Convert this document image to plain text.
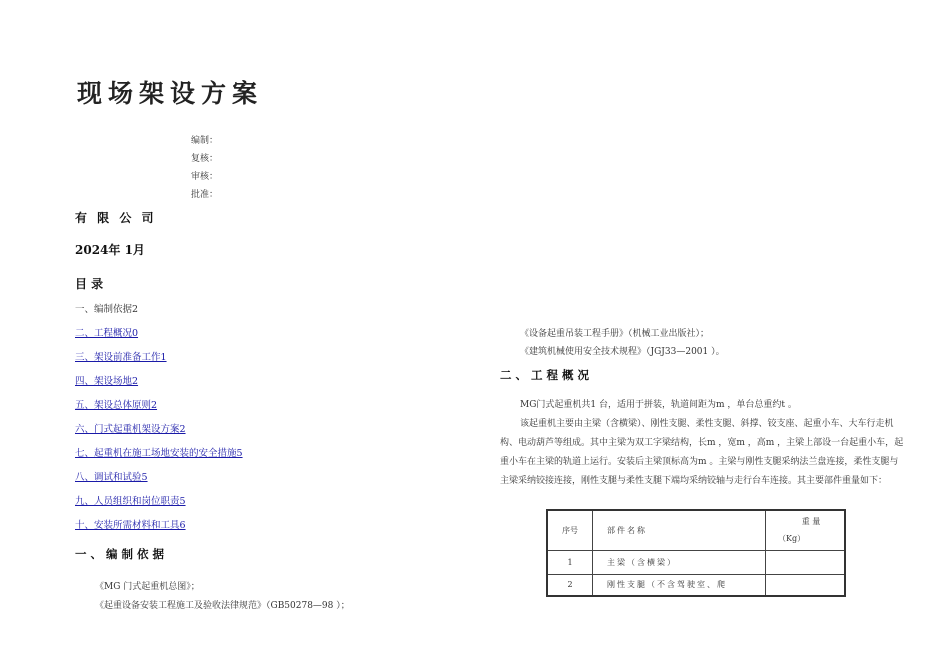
现场架设方案
编制：
复核：
审核：
批准：
有 限 公 司
2024年 1月
目 录
一、编制依据2
二、工程概况0
三、架设前准备工作1
四、架设场地2
五、架设总体原则2
六、门式起重机架设方案2
七、起重机在施工场地安装的安全措施5
八、调试和试验5
九、人员组织和岗位职责5
十、安装所需材料和工具6
一 、 编 制 依 据
《MG 门式起重机总图》；
《起重设备安装工程施工及验收法律规范》（GB50278—98 ）；
《设备起重吊装工程手册》（机械工业出版社）；
《建筑机械使用安全技术规程》（JGJ33—2001 ）。
二 、 工 程 概 况

MG门式起重机共1 台，适用于拼装，轨道间距为m ，单台总重约t 。

该起重机主要由主梁（含横梁）、刚性支腿、柔性支腿、斜撑、铰支座、起重小车、大车行走机构、电动葫芦等组成。其中主梁为双工字梁结构，长m ，宽m ，高m ，主梁上部设一台起重小车，起重小车在主梁的轨道上运行。安装后主梁顶标高为m 。主梁与刚性支腿采纳法兰盘连接，柔性支腿与主梁采纳铰接连接，刚性支腿与柔性支腿下端均采纳铰轴与走行台车连接。其主要部件重量如下：

序号	部件名称	重 量
（Kg）

1	主梁（含横梁）	
2	刚性支腿（不含驾驶室、爬	
